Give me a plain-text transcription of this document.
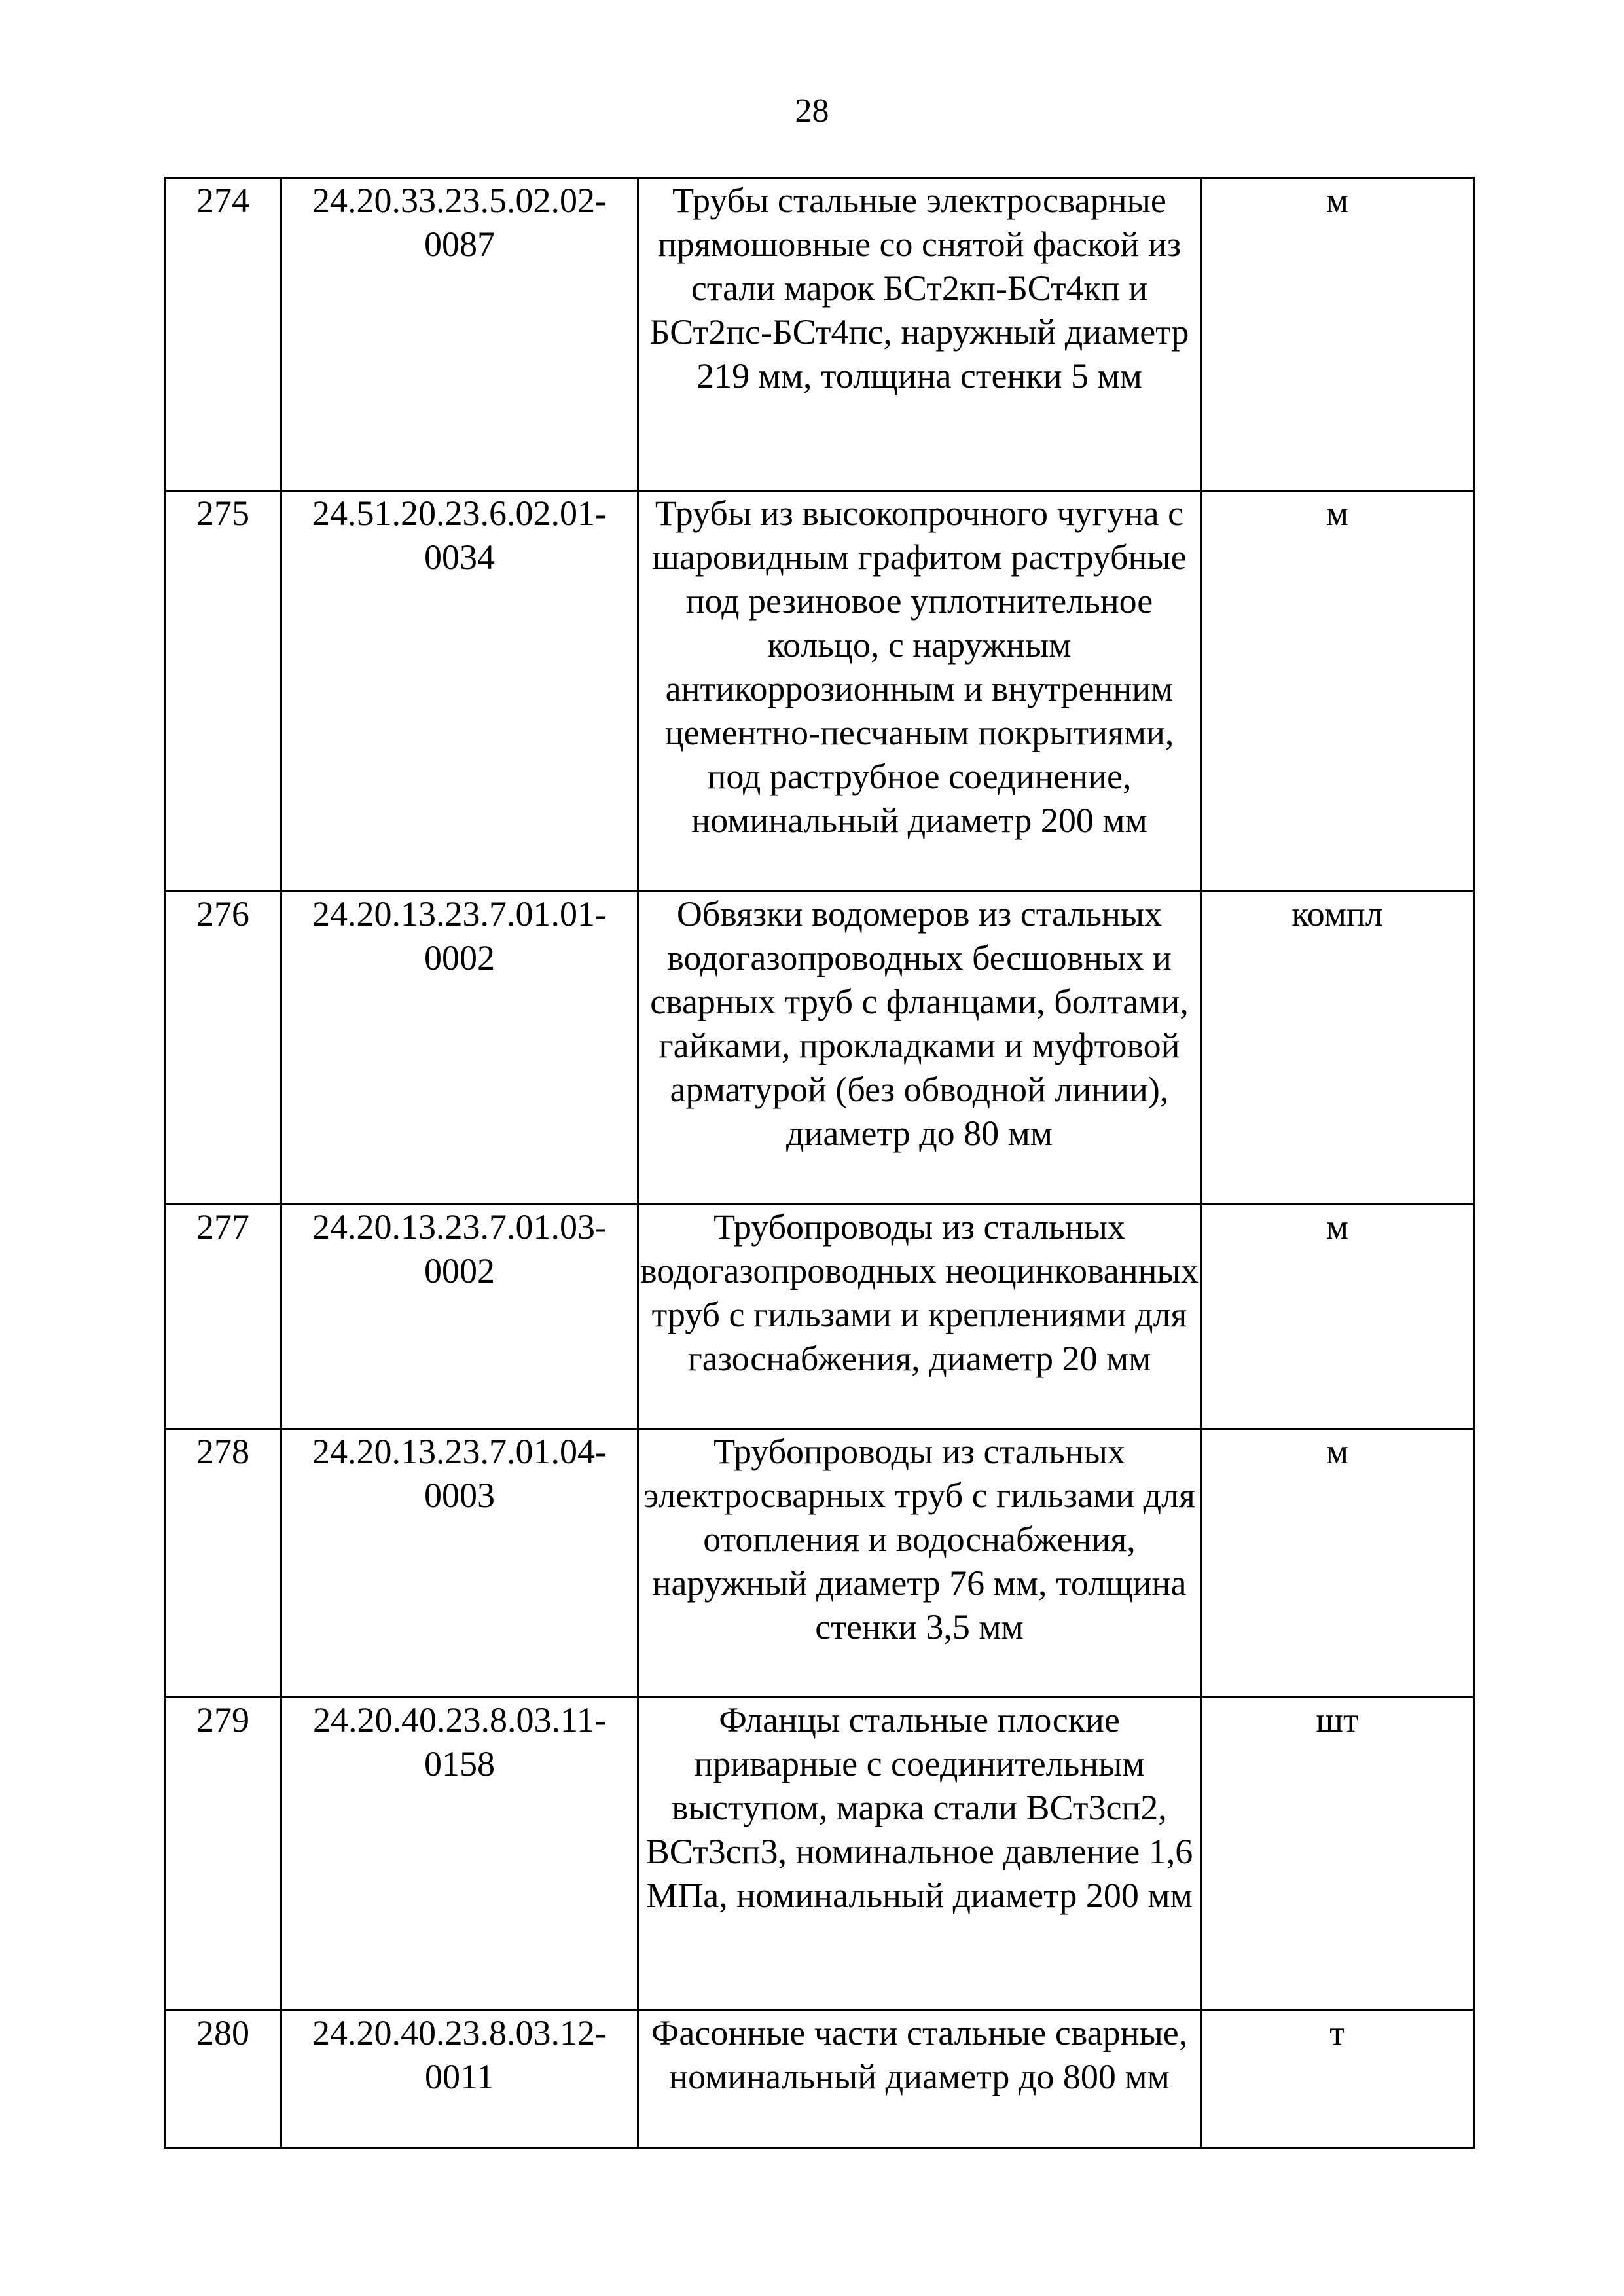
28
274	24.20.33.23.5.02.02-0087	Трубы стальные электросварные прямошовные со снятой фаской из стали марок БСт2кп-БСт4кп и БСт2пс-БСт4пс, наружный диаметр 219 мм, толщина стенки 5 мм	м
275	24.51.20.23.6.02.01-0034	Трубы из высокопрочного чугуна с шаровидным графитом раструбные под резиновое уплотнительное кольцо, с наружным антикоррозионным и внутренним цементно-песчаным покрытиями, под раструбное соединение, номинальный диаметр 200 мм	м
276	24.20.13.23.7.01.01-0002	Обвязки водомеров из стальных водогазопроводных бесшовных и сварных труб с фланцами, болтами, гайками, прокладками и муфтовой арматурой (без обводной линии), диаметр до 80 мм	компл
277	24.20.13.23.7.01.03-0002	Трубопроводы из стальных водогазопроводных неоцинкованных труб с гильзами и креплениями для газоснабжения, диаметр 20 мм	м
278	24.20.13.23.7.01.04-0003	Трубопроводы из стальных электросварных труб с гильзами для отопления и водоснабжения, наружный диаметр 76 мм, толщина стенки 3,5 мм	м
279	24.20.40.23.8.03.11-0158	Фланцы стальные плоские приварные с соединительным выступом, марка стали ВСт3сп2, ВСт3сп3, номинальное давление 1,6 МПа, номинальный диаметр 200 мм	шт
280	24.20.40.23.8.03.12-0011	Фасонные части стальные сварные, номинальный диаметр до 800 мм	т
